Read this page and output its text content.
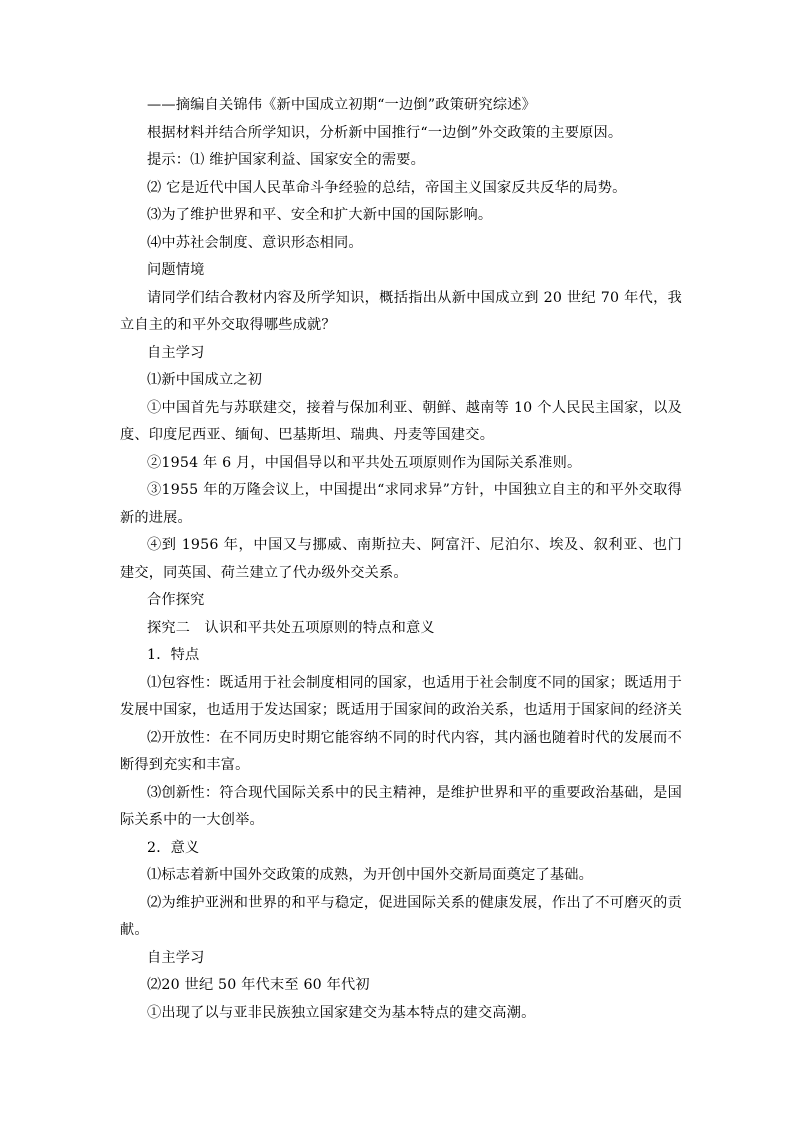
——摘编自关锦伟《新中国成立初期“一边倒”政策研究综述》
根据材料并结合所学知识，分析新中国推行“一边倒”外交政策的主要原因。
提示：⑴ 维护国家利益、国家安全的需要。
⑵ 它是近代中国人民革命斗争经验的总结，帝国主义国家反共反华的局势。
⑶为了维护世界和平、安全和扩大新中国的国际影响。
⑷中苏社会制度、意识形态相同。
问题情境
请同学们结合教材内容及所学知识，概括指出从新中国成立到 20 世纪 70 年代，我
立自主的和平外交取得哪些成就？
自主学习
⑴新中国成立之初
①中国首先与苏联建交，接着与保加利亚、朝鲜、越南等 10 个人民民主国家，以及
度、印度尼西亚、缅甸、巴基斯坦、瑞典、丹麦等国建交。
②1954 年 6 月，中国倡导以和平共处五项原则作为国际关系准则。
③1955 年的万隆会议上，中国提出“求同求异”方针，中国独立自主的和平外交取得
新的进展。
④到 1956 年，中国又与挪威、南斯拉夫、阿富汗、尼泊尔、埃及、叙利亚、也门
建交，同英国、荷兰建立了代办级外交关系。
合作探究
探究二　认识和平共处五项原则的特点和意义
1．特点
⑴包容性：既适用于社会制度相同的国家，也适用于社会制度不同的国家；既适用于
发展中国家，也适用于发达国家；既适用于国家间的政治关系，也适用于国家间的经济关
⑵开放性：在不同历史时期它能容纳不同的时代内容，其内涵也随着时代的发展而不
断得到充实和丰富。
⑶创新性：符合现代国际关系中的民主精神，是维护世界和平的重要政治基础，是国
际关系中的一大创举。
2．意义
⑴标志着新中国外交政策的成熟，为开创中国外交新局面奠定了基础。
⑵为维护亚洲和世界的和平与稳定，促进国际关系的健康发展，作出了不可磨灭的贡
献。
自主学习
⑵20 世纪 50 年代末至 60 年代初
①出现了以与亚非民族独立国家建交为基本特点的建交高潮。
